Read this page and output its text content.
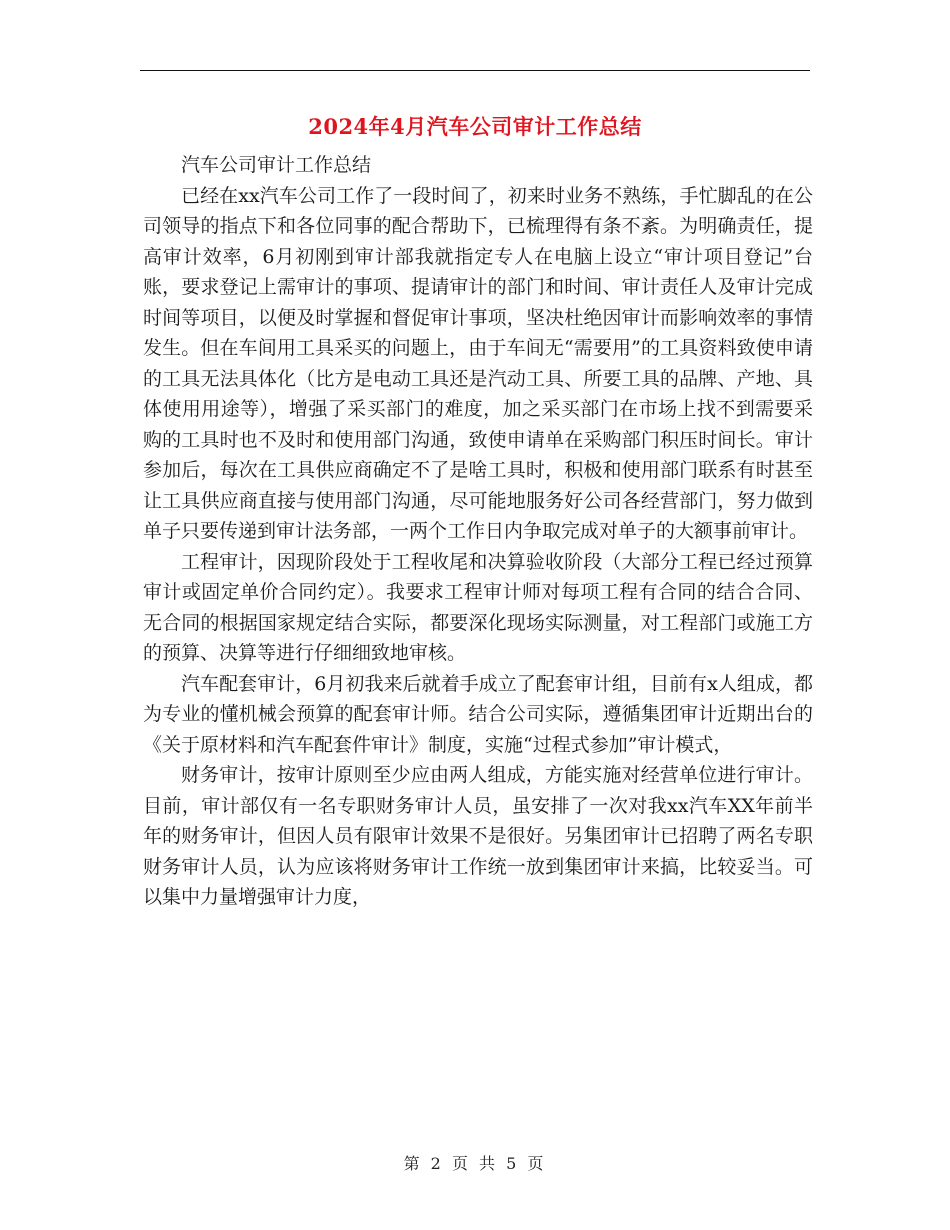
2024年4月汽车公司审计工作总结

汽车公司审计工作总结

已经在xx汽车公司工作了一段时间了，初来时业务不熟练，手忙脚乱的在公司领导的指点下和各位同事的配合帮助下，已梳理得有条不紊。为明确责任，提高审计效率，6月初刚到审计部我就指定专人在电脑上设立“审计项目登记”台账，要求登记上需审计的事项、提请审计的部门和时间、审计责任人及审计完成时间等项目，以便及时掌握和督促审计事项，坚决杜绝因审计而影响效率的事情发生。但在车间用工具采买的问题上，由于车间无“需要用”的工具资料致使申请的工具无法具体化（比方是电动工具还是汽动工具、所要工具的品牌、产地、具体使用用途等），增强了采买部门的难度，加之采买部门在市场上找不到需要采购的工具时也不及时和使用部门沟通，致使申请单在采购部门积压时间长。审计参加后，每次在工具供应商确定不了是啥工具时，积极和使用部门联系有时甚至让工具供应商直接与使用部门沟通，尽可能地服务好公司各经营部门，努力做到单子只要传递到审计法务部，一两个工作日内争取完成对单子的大额事前审计。

工程审计，因现阶段处于工程收尾和决算验收阶段（大部分工程已经过预算审计或固定单价合同约定）。我要求工程审计师对每项工程有合同的结合合同、无合同的根据国家规定结合实际，都要深化现场实际测量，对工程部门或施工方的预算、决算等进行仔细细致地审核。

汽车配套审计，6月初我来后就着手成立了配套审计组，目前有x人组成，都为专业的懂机械会预算的配套审计师。结合公司实际，遵循集团审计近期出台的《关于原材料和汽车配套件审计》制度，实施“过程式参加”审计模式，

财务审计，按审计原则至少应由两人组成，方能实施对经营单位进行审计。目前，审计部仅有一名专职财务审计人员，虽安排了一次对我xx汽车XX年前半年的财务审计，但因人员有限审计效果不是很好。另集团审计已招聘了两名专职财务审计人员，认为应该将财务审计工作统一放到集团审计来搞，比较妥当。可以集中力量增强审计力度，

第 2 页 共 5 页
